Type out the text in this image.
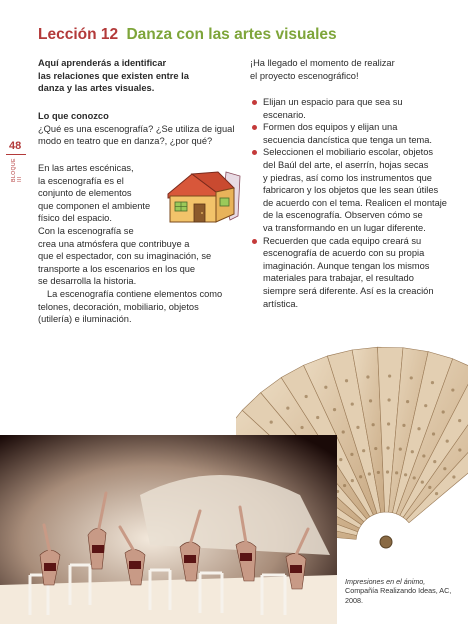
Lección 12 Danza con las artes visuales
48
BLOQUE III
Aquí aprenderás a identificar
las relaciones que existen entre la
danza y las artes visuales.
Lo que conozco
¿Qué es una escenografía? ¿Se utiliza de igual
modo en teatro que en danza?, ¿por qué?
En las artes escénicas,
la escenografía es el
conjunto de elementos
que componen el ambiente
físico del espacio.
Con la escenografía se
crea una atmósfera que contribuye a
que el espectador, con su imaginación, se
transporte a los escenarios en los que
se desarrolla la historia.
La escenografía contiene elementos como
telones, decoración, mobiliario, objetos
(utilería) e iluminación.
¡Ha llegado el momento de realizar
el proyecto escenográfico!
Elijan un espacio para que sea su
escenario.
Formen dos equipos y elijan una
secuencia dancística que tenga un tema.
Seleccionen el mobiliario escolar, objetos
del Baúl del arte, el aserrín, hojas secas
y piedras, así como los instrumentos que
fabricaron y los objetos que les sean útiles
de acuerdo con el tema. Realicen el montaje
de la escenografía. Observen cómo se
va transformando en un lugar diferente.
Recuerden que cada equipo creará su
escenografía de acuerdo con su propia
imaginación. Aunque tengan los mismos
materiales para trabajar, el resultado
siempre será diferente. Así es la creación
artística.
Impresiones en el ánimo,
Compañía Realizando Ideas, AC,
2008.
